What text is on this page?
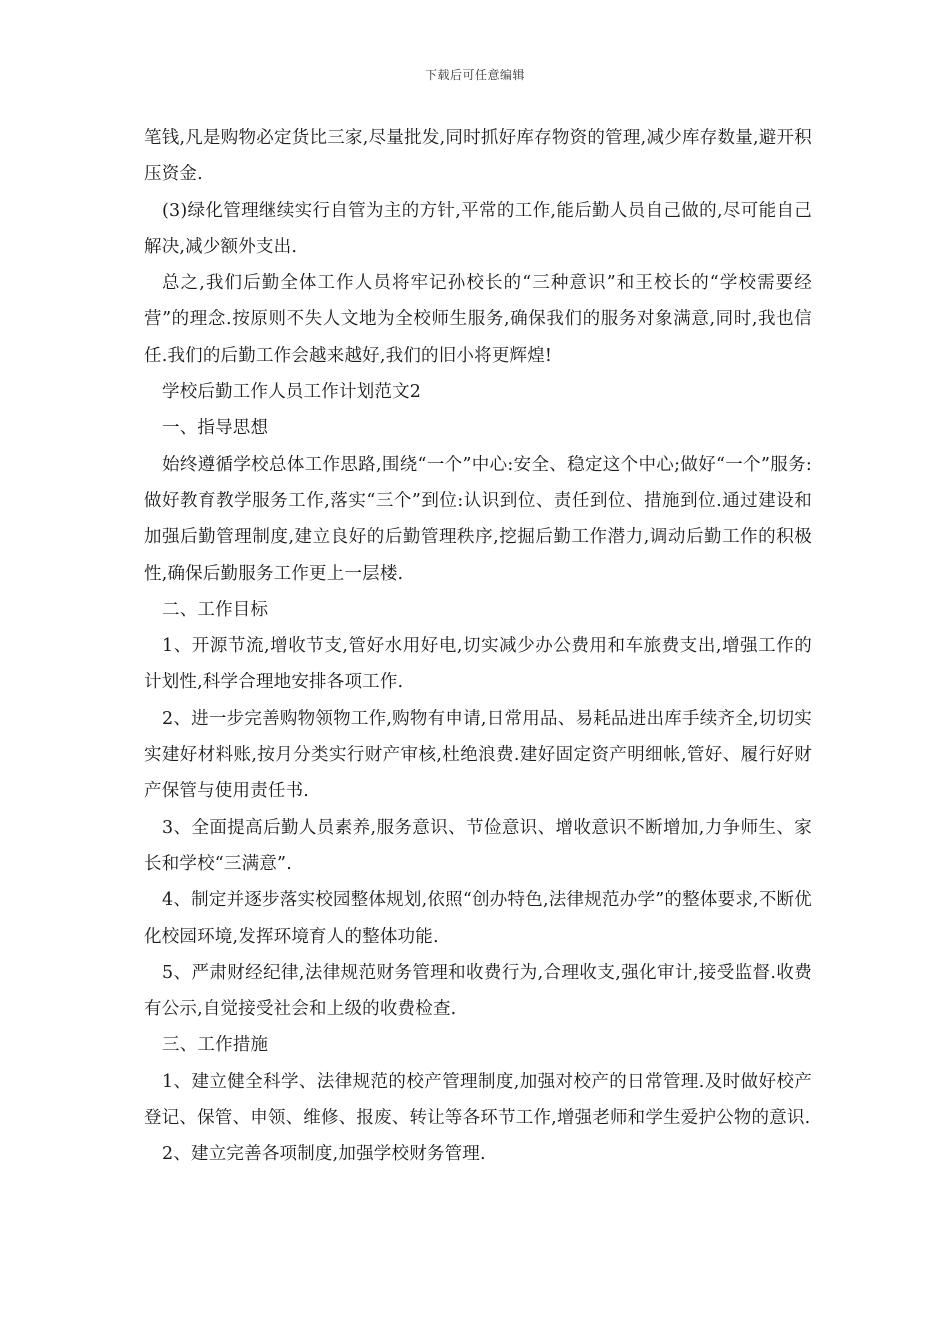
下载后可任意编辑

笔钱,凡是购物必定货比三家,尽量批发,同时抓好库存物资的管理,减少库存数量,避开积压资金.

(3)绿化管理继续实行自管为主的方针,平常的工作,能后勤人员自己做的,尽可能自己解决,减少额外支出.

总之,我们后勤全体工作人员将牢记孙校长的“三种意识”和王校长的“学校需要经营”的理念.按原则不失人文地为全校师生服务,确保我们的服务对象满意,同时,我也信任.我们的后勤工作会越来越好,我们的旧小将更辉煌!

学校后勤工作人员工作计划范文2

一、指导思想

始终遵循学校总体工作思路,围绕“一个”中心:安全、稳定这个中心;做好“一个”服务:做好教育教学服务工作,落实“三个”到位:认识到位、责任到位、措施到位.通过建设和加强后勤管理制度,建立良好的后勤管理秩序,挖掘后勤工作潜力,调动后勤工作的积极性,确保后勤服务工作更上一层楼.

二、工作目标

1、开源节流,增收节支,管好水用好电,切实减少办公费用和车旅费支出,增强工作的计划性,科学合理地安排各项工作.

2、进一步完善购物领物工作,购物有申请,日常用品、易耗品进出库手续齐全,切切实实建好材料账,按月分类实行财产审核,杜绝浪费.建好固定资产明细帐,管好、履行好财产保管与使用责任书.

3、全面提高后勤人员素养,服务意识、节俭意识、增收意识不断增加,力争师生、家长和学校“三满意”.

4、制定并逐步落实校园整体规划,依照“创办特色,法律规范办学”的整体要求,不断优化校园环境,发挥环境育人的整体功能.

5、严肃财经纪律,法律规范财务管理和收费行为,合理收支,强化审计,接受监督.收费有公示,自觉接受社会和上级的收费检查.

三、工作措施

1、建立健全科学、法律规范的校产管理制度,加强对校产的日常管理.及时做好校产登记、保管、申领、维修、报废、转让等各环节工作,增强老师和学生爱护公物的意识.

2、建立完善各项制度,加强学校财务管理.
